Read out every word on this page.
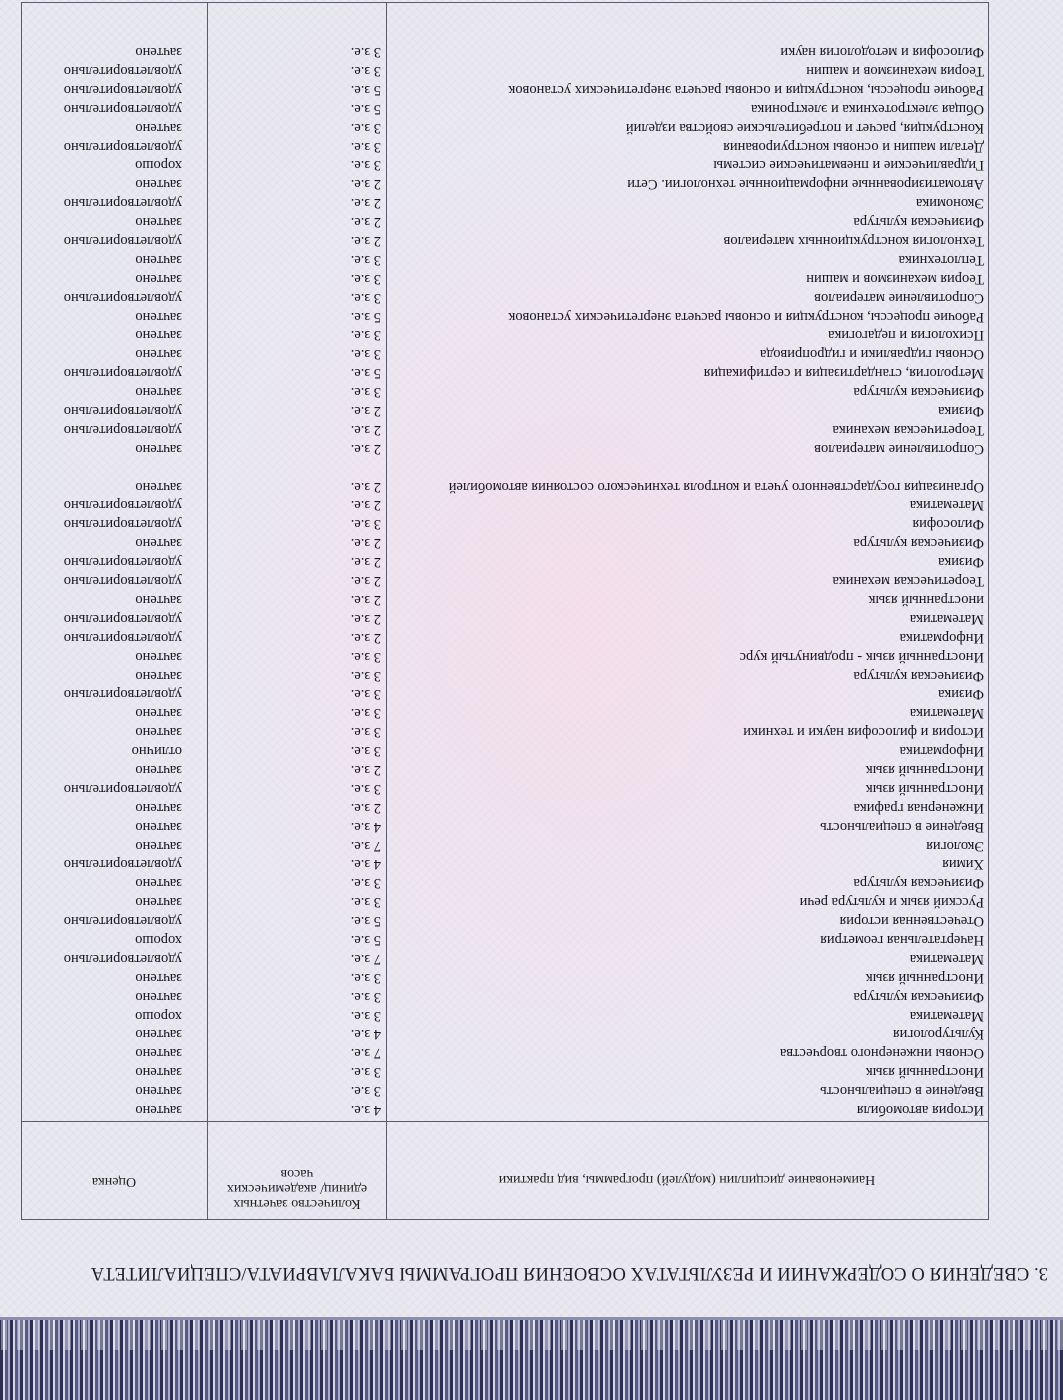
3. СВЕДЕНИЯ О СОДЕРЖАНИИ И РЕЗУЛЬТАТАХ ОСВОЕНИЯ ПРОГРАММЫ БАКАЛАВРИАТА/СПЕЦИАЛИТЕТА
Наименование дисциплин (модулей) программы, вид практики
Количество зачетных единиц/ академических часов
Оценка
История автомобиля
4 з.е.
зачтено
Введение в специальность
3 з.е.
зачтено
Иностранный язык
3 з.е.
зачтено
Основы инженерного творчества
7 з.е.
зачтено
Культурология
4 з.е.
зачтено
Математика
3 з.е.
хорошо
Физическая культура
3 з.е.
зачтено
Иностранный язык
3 з.е.
зачтено
Математика
7 з.е.
удовлетворительно
Начертательная геометрия
5 з.е.
хорошо
Отечественная история
5 з.е.
удовлетворительно
Русский язык и культура речи
3 з.е.
зачтено
Физическая культура
3 з.е.
зачтено
Химия
4 з.е.
удовлетворительно
Экология
7 з.е.
зачтено
Введение в специальность
4 з.е.
зачтено
Инженерная графика
2 з.е.
зачтено
Иностранный язык
3 з.е.
удовлетворительно
Иностранный язык
2 з.е.
зачтено
Информатика
3 з.е.
отлично
История и философия науки и техники
3 з.е.
зачтено
Математика
3 з.е.
зачтено
Физика
3 з.е.
удовлетворительно
Физическая культура
3 з.е.
зачтено
Иностранный язык - продвинутый курс
3 з.е.
зачтено
Информатика
2 з.е.
удовлетворительно
Математика
2 з.е.
удовлетворительно
иностранный язык
2 з.е.
зачтено
Теоретическая механика
2 з.е.
удовлетворительно
Физика
2 з.е.
удовлетворительно
Физическая культура
2 з.е.
зачтено
Философия
3 з.е.
удовлетворительно
Математика
2 з.е.
удовлетворительно
Организация государственного учета и контроля технического состояния автомобилей
2 з.е.
зачтено
Сопротивление материалов
2 з.е.
зачтено
Теоретическая механика
2 з.е.
удовлетворительно
Физика
2 з.е.
удовлетворительно
Физическая культура
3 з.е.
зачтено
Метрология, стандартизация и сертификация
5 з.е.
удовлетворительно
Основы гидравлики и гидропривода
3 з.е.
зачтено
Психология и педагогика
3 з.е.
зачтено
Рабочие процессы, конструкция и основы расчета энергетических установок
5 з.е.
зачтено
Сопротивление материалов
3 з.е.
удовлетворительно
Теория механизмов и машин
3 з.е.
зачтено
Теплотехника
3 з.е.
зачтено
Технология конструкционных материалов
2 з.е.
удовлетворительно
Физическая культура
2 з.е.
зачтено
Экономика
2 з.е.
удовлетворительно
Автоматизированные информационные технологии. Сети
2 з.е.
зачтено
Гидравлические и пневматические системы
3 з.е.
хорошо
Детали машин и основы конструирования
3 з.е.
удовлетворительно
Конструкция, расчет и потребительские свойства изделий
3 з.е.
зачтено
Общая электротехника и электроника
5 з.е.
удовлетворительно
Рабочие процессы, конструкция и основы расчета энергетических установок
5 з.е.
удовлетворительно
Теория механизмов и машин
3 з.е.
удовлетворительно
Философия и методология науки
3 з.е.
зачтено
